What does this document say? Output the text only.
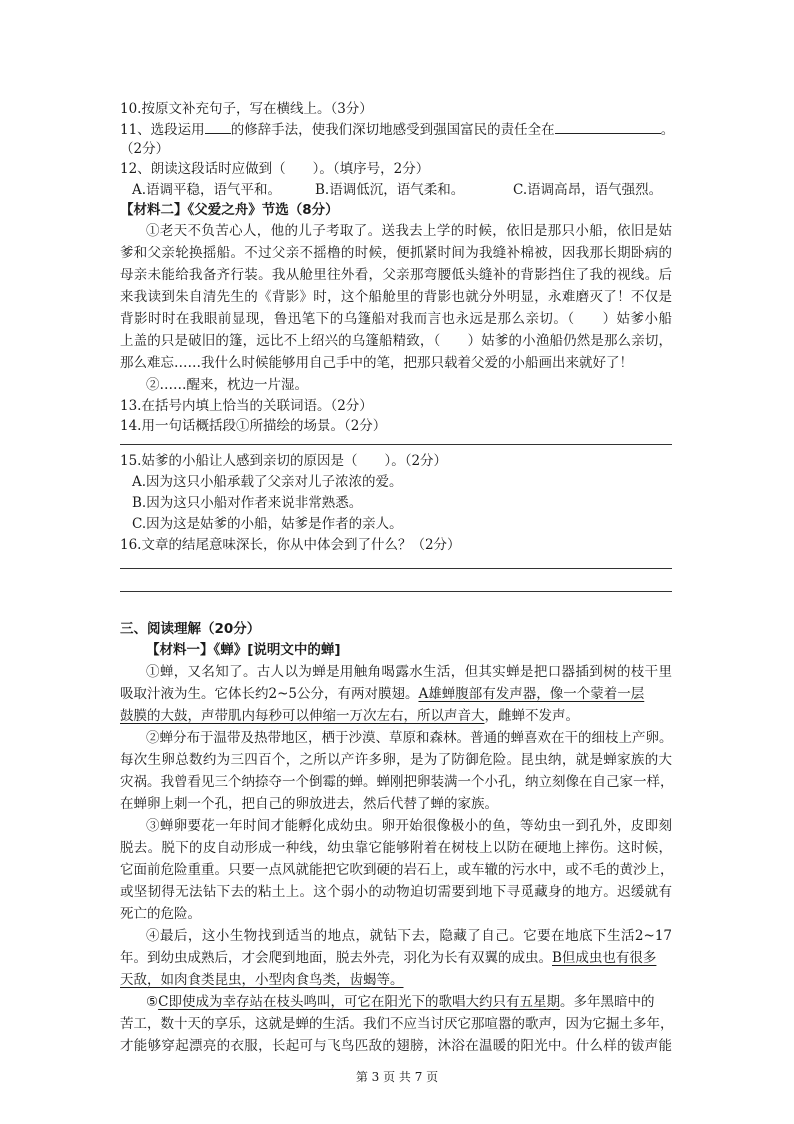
10.按原文补充句子，写在横线上。（3分）
11、选段运用 的修辞手法，使我们深切地感受到强国富民的责任全在	。
（2分）
12、朗读这段话时应做到（　　）。（填序号，2分）
A.语调平稳，语气平和。	B.语调低沉，语气柔和。	C.语调高昂，语气强烈。
【材料二】《父爱之舟》节选（8分）
①老天不负苦心人，他的儿子考取了。送我去上学的时候，依旧是那只小船，依旧是姑
爹和父亲轮换摇船。不过父亲不摇橹的时候，便抓紧时间为我缝补棉被，因我那长期卧病的
母亲未能给我备齐行装。我从舱里往外看，父亲那弯腰低头缝补的背影挡住了我的视线。后
来我读到朱自清先生的《背影》时，这个船舱里的背影也就分外明显，永难磨灭了！不仅是
背影时时在我眼前显现，鲁迅笔下的乌篷船对我而言也永远是那么亲切。（　　）姑爹小船
上盖的只是破旧的篷，远比不上绍兴的乌篷船精致，（　　）姑爹的小渔船仍然是那么亲切，
那么难忘……我什么时候能够用自己手中的笔，把那只载着父爱的小船画出来就好了！
②……醒来，枕边一片湿。
13.在括号内填上恰当的关联词语。（2分）
14.用一句话概括段①所描绘的场景。（2分）
15.姑爹的小船让人感到亲切的原因是（　　）。（2分）
A.因为这只小船承载了父亲对儿子浓浓的爱。
B.因为这只小船对作者来说非常熟悉。
C.因为这是姑爹的小船，姑爹是作者的亲人。
16.文章的结尾意味深长，你从中体会到了什么？（2分）
三、阅读理解（20分）
【材料一】《蝉》[说明文中的蝉]
①蝉，又名知了。古人以为蝉是用触角喝露水生活，但其实蝉是把口器插到树的枝干里
吸取汁液为生。它体长约2~5公分，有两对膜翅。A雄蝉腹部有发声器，像一个蒙着一层
鼓膜的大鼓，声带肌内每秒可以伸缩一万次左右，所以声音大，雌蝉不发声。
②蝉分布于温带及热带地区，栖于沙漠、草原和森林。普通的蝉喜欢在干的细枝上产卵。
每次生卵总数约为三四百个，之所以产许多卵，是为了防御危险。昆虫纳，就是蝉家族的大
灾祸。我曾看见三个纳捺夺一个倒霉的蝉。蝉刚把卵装满一个小孔，纳立刻像在自己家一样，
在蝉卵上刺一个孔，把自己的卵放进去，然后代替了蝉的家族。
③蝉卵要花一年时间才能孵化成幼虫。卵开始很像极小的鱼，等幼虫一到孔外，皮即刻
脱去。脱下的皮自动形成一种线，幼虫靠它能够附着在树枝上以防在硬地上摔伤。这时候，
它面前危险重重。只要一点风就能把它吹到硬的岩石上，或车辙的污水中，或不毛的黄沙上，
或坚韧得无法钻下去的粘土上。这个弱小的动物迫切需要到地下寻觅藏身的地方。迟缓就有
死亡的危险。
④最后，这小生物找到适当的地点，就钻下去，隐藏了自己。它要在地底下生活2~17
年。到幼虫成熟后，才会爬到地面，脱去外壳，羽化为长有双翼的成虫。B但成虫也有很多
天敌，如肉食类昆虫，小型肉食鸟类，齿蝎等。
⑤C即使成为幸存站在枝头鸣叫，可它在阳光下的歌唱大约只有五星期。多年黑暗中的
苦工，数十天的享乐，这就是蝉的生活。我们不应当讨厌它那喧嚣的歌声，因为它掘土多年，
才能够穿起漂亮的衣服，长起可与飞鸟匹敌的翅膀，沐浴在温暖的阳光中。什么样的钹声能
第 3 页 共 7 页
